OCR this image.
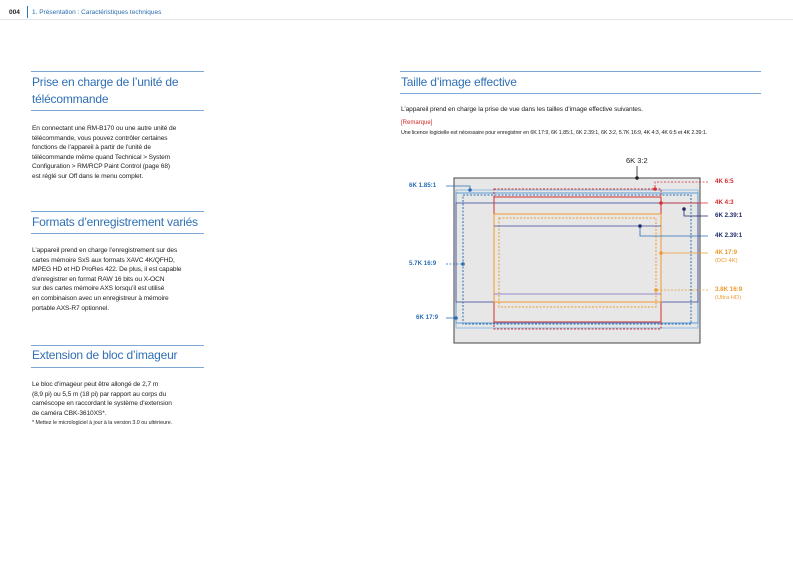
004 1. Présentation : Caractéristiques techniques
Prise en charge de l’unité de
télécommande
En connectant une RM-B170 ou une autre unité de
télécommande, vous pouvez contrôler certaines
fonctions de l’appareil à partir de l’unité de
télécommande même quand Technical > System
Configuration > RM/RCP Paint Control (page 68)
est réglé sur Off dans le menu complet.
Formats d’enregistrement variés
L’appareil prend en charge l’enregistrement sur des
cartes mémoire SxS aux formats XAVC 4K/QFHD,
MPEG HD et HD ProRes 422. De plus, il est capable
d’enregistrer en format RAW 16 bits ou X-OCN
sur des cartes mémoire AXS lorsqu’il est utilisé
en combinaison avec un enregistreur à mémoire
portable AXS-R7 optionnel.
Extension de bloc d’imageur
Le bloc d’imageur peut être allongé de 2,7 m
(8,9 pi) ou 5,5 m (18 pi) par rapport au corps du
caméscope en raccordant le système d’extension
de caméra CBK-3610XS*.
* Mettez le micrologiciel à jour à la version 3.0 ou ultérieure.
Taille d’image effective
L’appareil prend en charge la prise de vue dans les tailles d’image effective suivantes.
[Remarque]
Une licence logicielle est nécessaire pour enregistrer en 6K 17:9, 6K 1.85:1, 6K 2.39:1, 6K 3:2, 5.7K 16:9, 4K 4:3, 4K 6:5 et 4K 2.39:1.
6K 3:2
6K 1.85:1
5.7K 16:9
6K 17:9
4K 6:5
4K 4:3
6K 2.39:1
4K 2.39:1
4K 17:9
(DCI 4K)
3.8K 16:9
(Ultra HD)
